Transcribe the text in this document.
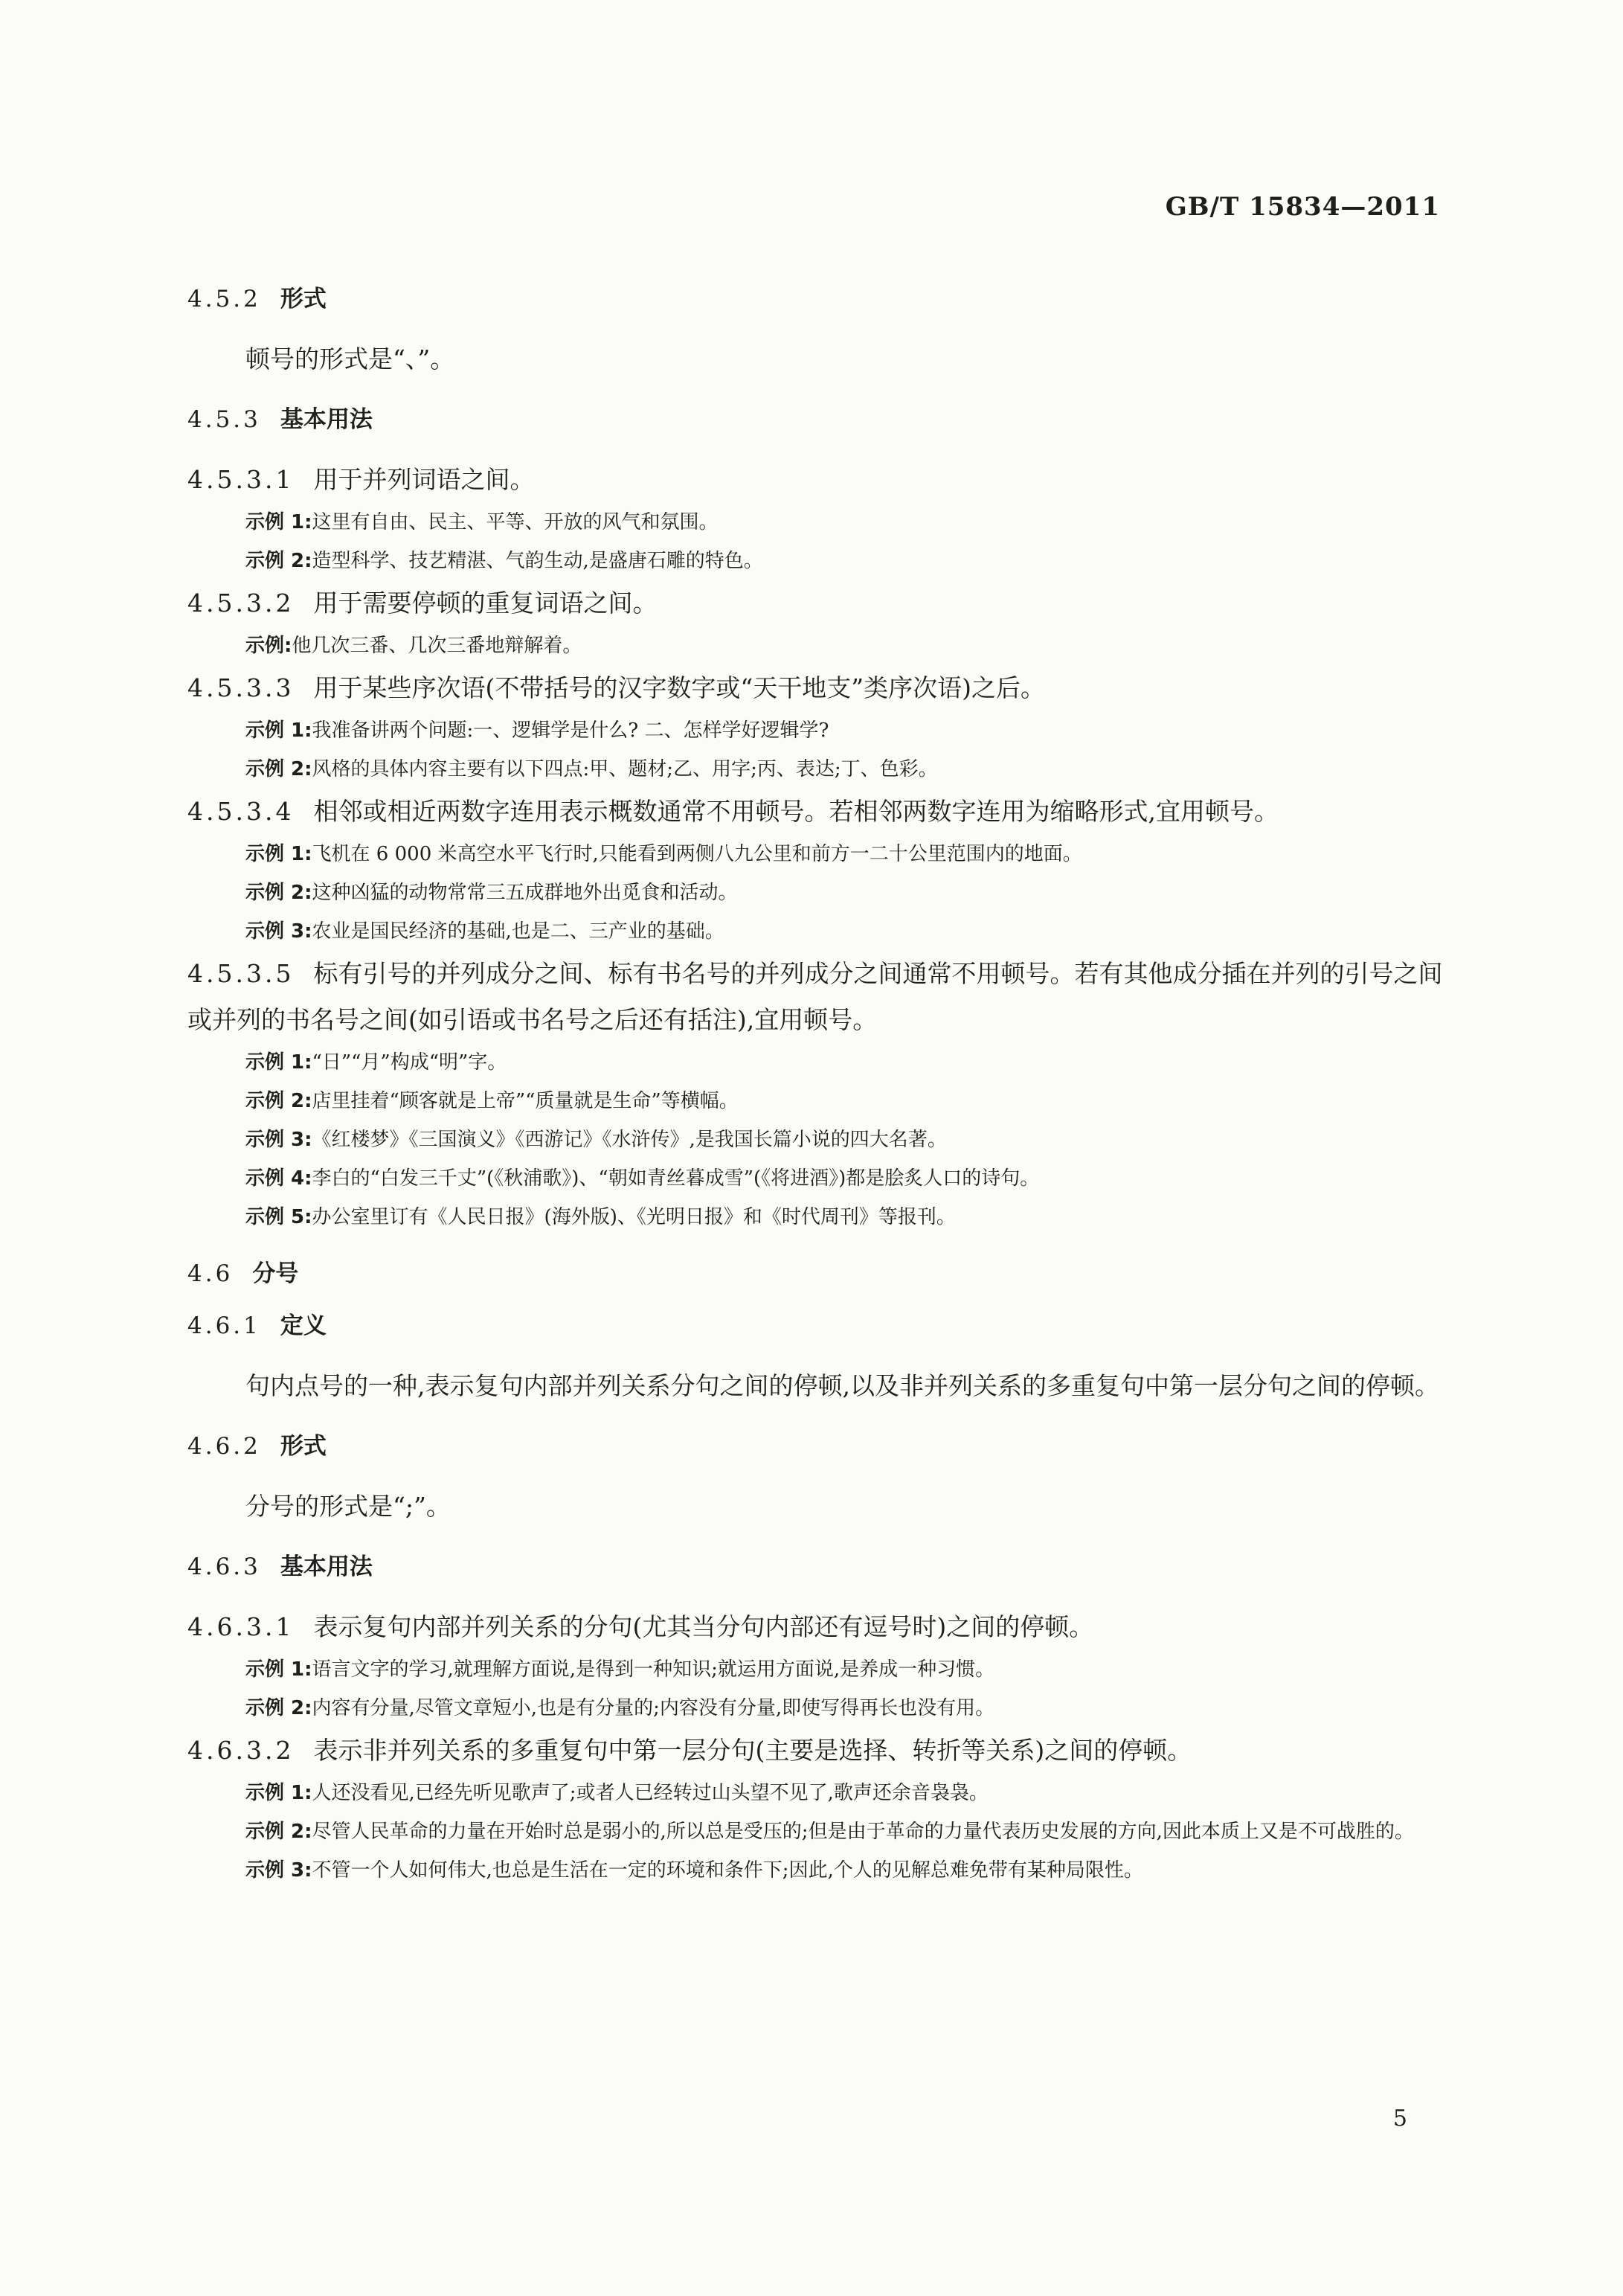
GB/T 15834—2011
4.5.2 形式

顿号的形式是“、”。

4.5.3 基本用法

4.5.3.1 用于并列词语之间。

示例 1:这里有自由、民主、平等、开放的风气和氛围。

示例 2:造型科学、技艺精湛、气韵生动,是盛唐石雕的特色。

4.5.3.2 用于需要停顿的重复词语之间。

示例:他几次三番、几次三番地辩解着。

4.5.3.3 用于某些序次语(不带括号的汉字数字或“天干地支”类序次语)之后。

示例 1:我准备讲两个问题:一、逻辑学是什么? 二、怎样学好逻辑学?

示例 2:风格的具体内容主要有以下四点:甲、题材;乙、用字;丙、表达;丁、色彩。

4.5.3.4 相邻或相近两数字连用表示概数通常不用顿号。若相邻两数字连用为缩略形式,宜用顿号。

示例 1:飞机在 6 000 米高空水平飞行时,只能看到两侧八九公里和前方一二十公里范围内的地面。

示例 2:这种凶猛的动物常常三五成群地外出觅食和活动。

示例 3:农业是国民经济的基础,也是二、三产业的基础。

4.5.3.5 标有引号的并列成分之间、标有书名号的并列成分之间通常不用顿号。若有其他成分插在并列的引号之间或并列的书名号之间(如引语或书名号之后还有括注),宜用顿号。

示例 1:“日”“月”构成“明”字。

示例 2:店里挂着“顾客就是上帝”“质量就是生命”等横幅。

示例 3:《红楼梦》《三国演义》《西游记》《水浒传》,是我国长篇小说的四大名著。

示例 4:李白的“白发三千丈”(《秋浦歌》)、“朝如青丝暮成雪”(《将进酒》)都是脍炙人口的诗句。

示例 5:办公室里订有《人民日报》(海外版)、《光明日报》和《时代周刊》等报刊。

4.6 分号
4.6.1 定义

句内点号的一种,表示复句内部并列关系分句之间的停顿,以及非并列关系的多重复句中第一层分句之间的停顿。

4.6.2 形式

分号的形式是“;”。

4.6.3 基本用法

4.6.3.1 表示复句内部并列关系的分句(尤其当分句内部还有逗号时)之间的停顿。

示例 1:语言文字的学习,就理解方面说,是得到一种知识;就运用方面说,是养成一种习惯。

示例 2:内容有分量,尽管文章短小,也是有分量的;内容没有分量,即使写得再长也没有用。

4.6.3.2 表示非并列关系的多重复句中第一层分句(主要是选择、转折等关系)之间的停顿。

示例 1:人还没看见,已经先听见歌声了;或者人已经转过山头望不见了,歌声还余音袅袅。

示例 2:尽管人民革命的力量在开始时总是弱小的,所以总是受压的;但是由于革命的力量代表历史发展的方向,因此本质上又是不可战胜的。

示例 3:不管一个人如何伟大,也总是生活在一定的环境和条件下;因此,个人的见解总难免带有某种局限性。

5
